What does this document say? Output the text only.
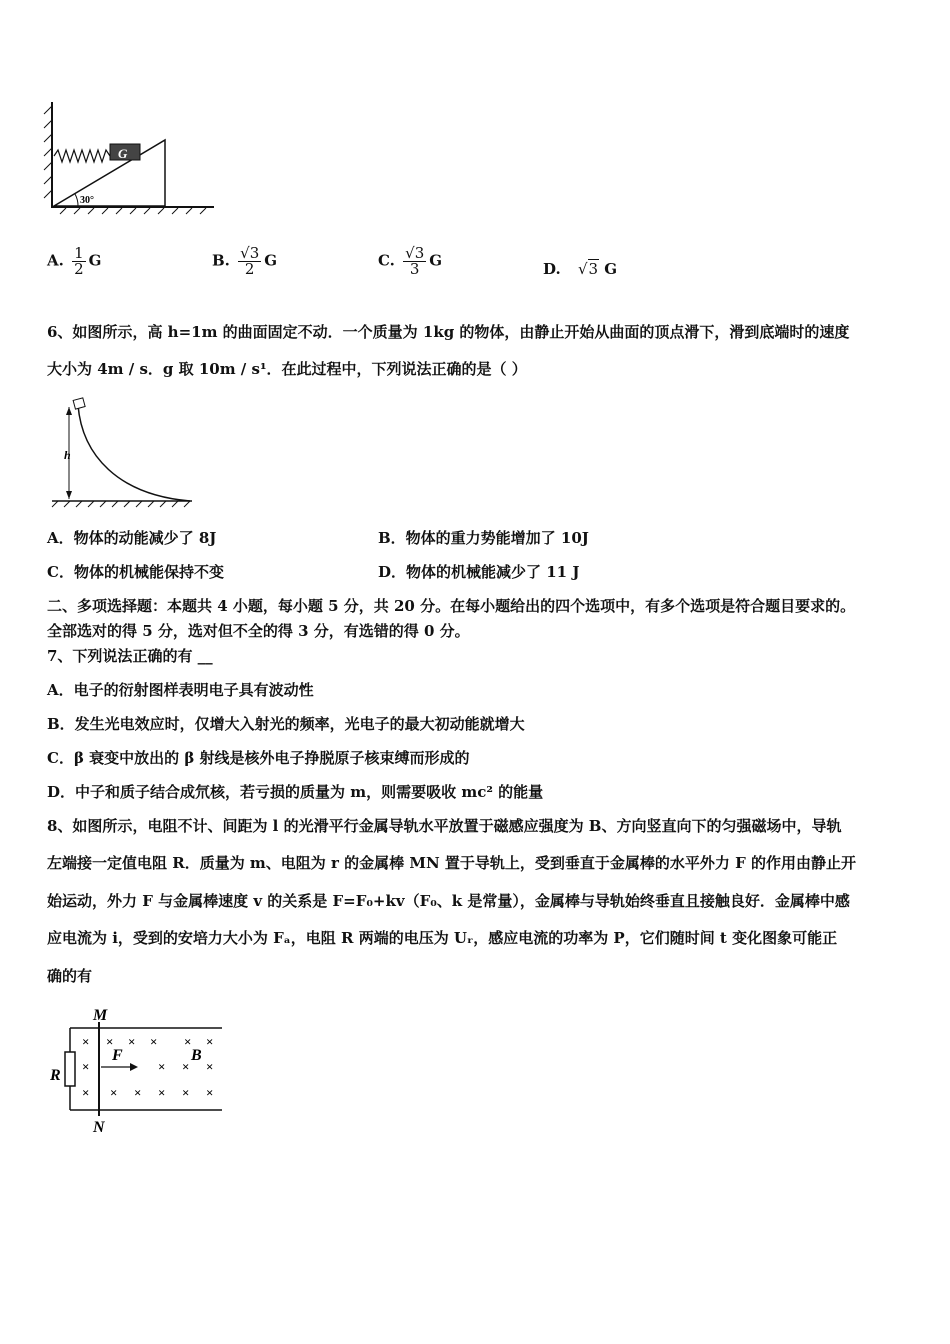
G
30°
A. $\frac{1}{2}$ G	B. $\frac{√3}{2}$ G	C. $\frac{√3}{3}$ G	D. √3 G
6、如图所示，高 h=1m 的曲面固定不动．一个质量为 1kg 的物体，由静止开始从曲面的顶点滑下，滑到底端时的速度
大小为 4m / s．g 取 10m / s¹．在此过程中，下列说法正确的是（ ）
h
A．物体的动能减少了 8J	B．物体的重力势能增加了 10J
C．物体的机械能保持不变	D．物体的机械能减少了 11 J
二、多项选择题：本题共 4 小题，每小题 5 分，共 20 分。在每小题给出的四个选项中，有多个选项是符合题目要求的。
全部选对的得 5 分，选对但不全的得 3 分，有选错的得 0 分。
7、下列说法正确的有 __
A．电子的衍射图样表明电子具有波动性
B．发生光电效应时，仅增大入射光的频率，光电子的最大初动能就增大
C．β 衰变中放出的 β 射线是核外电子挣脱原子核束缚而形成的
D．中子和质子结合成氘核，若亏损的质量为 m，则需要吸收 mc² 的能量
8、如图所示，电阻不计、间距为 l 的光滑平行金属导轨水平放置于磁感应强度为 B、方向竖直向下的匀强磁场中，导轨
左端接一定值电阻 R．质量为 m、电阻为 r 的金属棒 MN 置于导轨上，受到垂直于金属棒的水平外力 F 的作用由静止开
始运动，外力 F 与金属棒速度 v 的关系是 F=F₀+kv（F₀、k 是常量），金属棒与导轨始终垂直且接触良好．金属棒中感
应电流为 i，受到的安培力大小为 Fₐ，电阻 R 两端的电压为 Uᵣ，感应电流的功率为 P，它们随时间 t 变化图象可能正
确的有
R
M
N
F	B
× × × × × ×
×	× × ×
× × × × × ×
